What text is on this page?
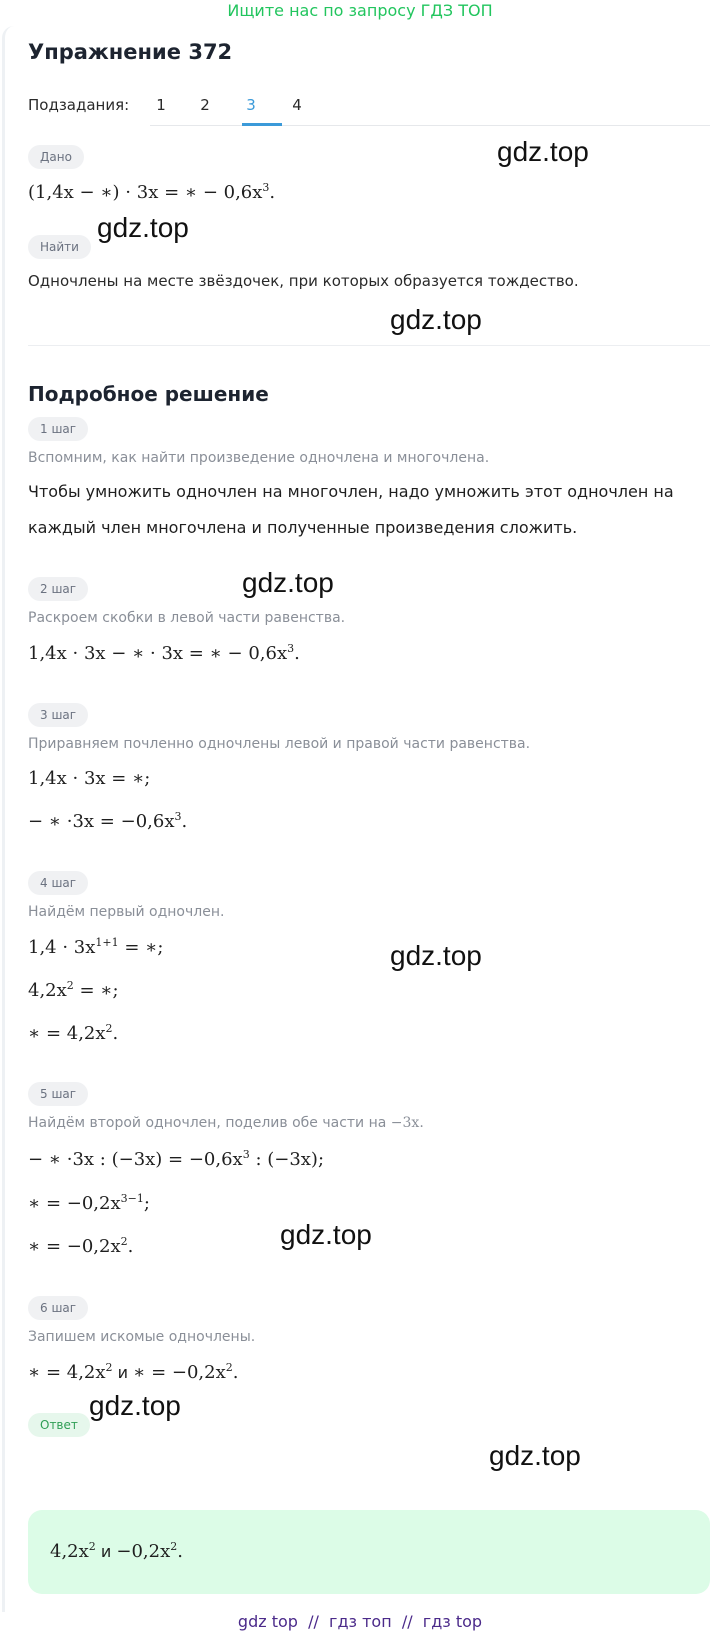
Ищите нас по запросу ГДЗ ТОП
Упражнение 372
Подзадания:	1	2	3	4
Дано
(1,4x − ∗) · 3x = ∗ − $0,6x^3$.
Найти
Одночлены на месте звёздочек, при которых образуется тождество.
Подробное решение
1 шаг
Вспомним, как найти произведение одночлена и многочлена.
Чтобы умножить одночлен на многочлен, надо умножить этот одночлен на
каждый член многочлена и полученные произведения сложить.
2 шаг
Раскроем скобки в левой части равенства.
1,4x · 3x − ∗ · 3x = ∗ − $0,6x^3$.
3 шаг
Приравняем почленно одночлены левой и правой части равенства.
1,4x · 3x = ∗;
− ∗ $\cdot 3x = -0,6x^3$.
4 шаг
Найдём первый одночлен.
$1,4 \cdot 3x^{1+1}$ = ∗;
$4,2x^2$ = ∗;
∗ = $4,2x^2$.
5 шаг
Найдём второй одночлен, поделив обе части на −3x.
− ∗ ·3x : $(-3x) = -0,6x^3$ : (−3x);
∗ = $-0,2x^{3-1}$;
∗ = $-0,2x^2$.
6 шаг
Запишем искомые одночлены.
∗ = $4,2x^2$ и ∗ = $-0,2x^2$.
Ответ
$4,2x^2$ $и -0,2x^2$.
gdz.top
gdz.top
gdz.top
gdz.top
gdz.top
gdz.top
gdz.top
gdz.top
gdz top  //  гдз топ  //  гдз top
